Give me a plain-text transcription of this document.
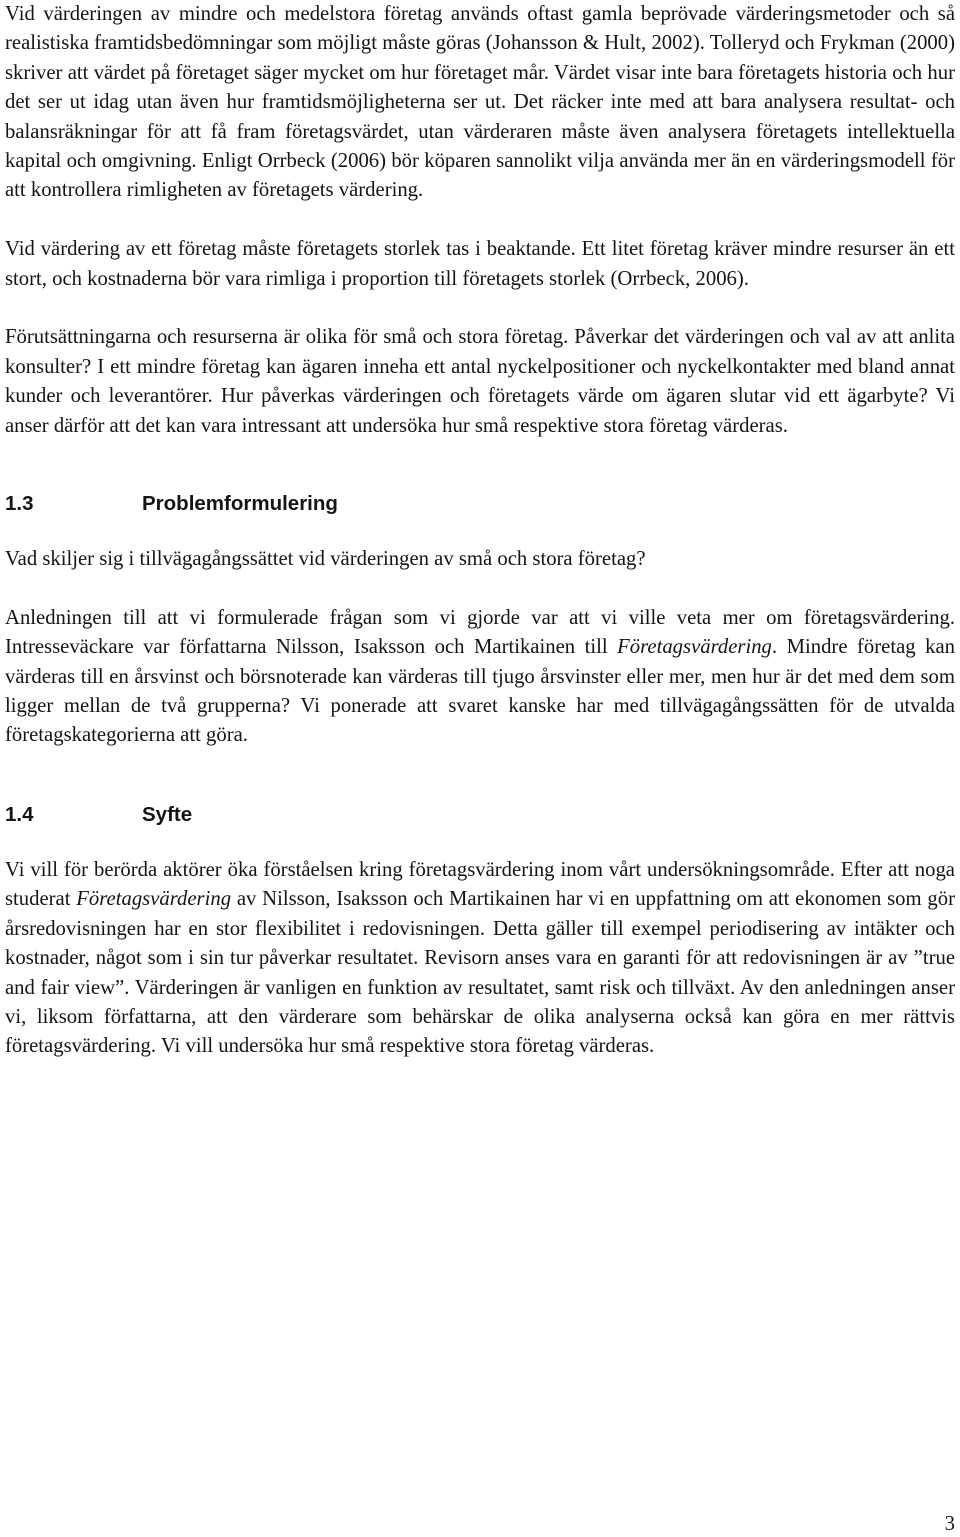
Vid värderingen av mindre och medelstora företag används oftast gamla beprövade värderingsmetoder och så realistiska framtidsbedömningar som möjligt måste göras (Johansson & Hult, 2002). Tolleryd och Frykman (2000) skriver att värdet på företaget säger mycket om hur företaget mår. Värdet visar inte bara företagets historia och hur det ser ut idag utan även hur framtidsmöjligheterna ser ut. Det räcker inte med att bara analysera resultat- och balansräkningar för att få fram företagsvärdet, utan värderaren måste även analysera företagets intellektuella kapital och omgivning. Enligt Orrbeck (2006) bör köparen sannolikt vilja använda mer än en värderingsmodell för att kontrollera rimligheten av företagets värdering.

Vid värdering av ett företag måste företagets storlek tas i beaktande. Ett litet företag kräver mindre resurser än ett stort, och kostnaderna bör vara rimliga i proportion till företagets storlek (Orrbeck, 2006).

Förutsättningarna och resurserna är olika för små och stora företag. Påverkar det värderingen och val av att anlita konsulter? I ett mindre företag kan ägaren inneha ett antal nyckelpositioner och nyckelkontakter med bland annat kunder och leverantörer. Hur påverkas värderingen och företagets värde om ägaren slutar vid ett ägarbyte? Vi anser därför att det kan vara intressant att undersöka hur små respektive stora företag värderas.

1.3	Problemformulering

Vad skiljer sig i tillvägagångssättet vid värderingen av små och stora företag?

Anledningen till att vi formulerade frågan som vi gjorde var att vi ville veta mer om företagsvärdering. Intresseväckare var författarna Nilsson, Isaksson och Martikainen till Företagsvärdering. Mindre företag kan värderas till en årsvinst och börsnoterade kan värderas till tjugo årsvinster eller mer, men hur är det med dem som ligger mellan de två grupperna? Vi ponerade att svaret kanske har med tillvägagångssätten för de utvalda företagskategorierna att göra.

1.4	Syfte

Vi vill för berörda aktörer öka förståelsen kring företagsvärdering inom vårt undersökningsområde. Efter att noga studerat Företagsvärdering av Nilsson, Isaksson och Martikainen har vi en uppfattning om att ekonomen som gör årsredovisningen har en stor flexibilitet i redovisningen. Detta gäller till exempel periodisering av intäkter och kostnader, något som i sin tur påverkar resultatet. Revisorn anses vara en garanti för att redovisningen är av ”true and fair view”. Värderingen är vanligen en funktion av resultatet, samt risk och tillväxt. Av den anledningen anser vi, liksom författarna, att den värderare som behärskar de olika analyserna också kan göra en mer rättvis företagsvärdering. Vi vill undersöka hur små respektive stora företag värderas.

3
